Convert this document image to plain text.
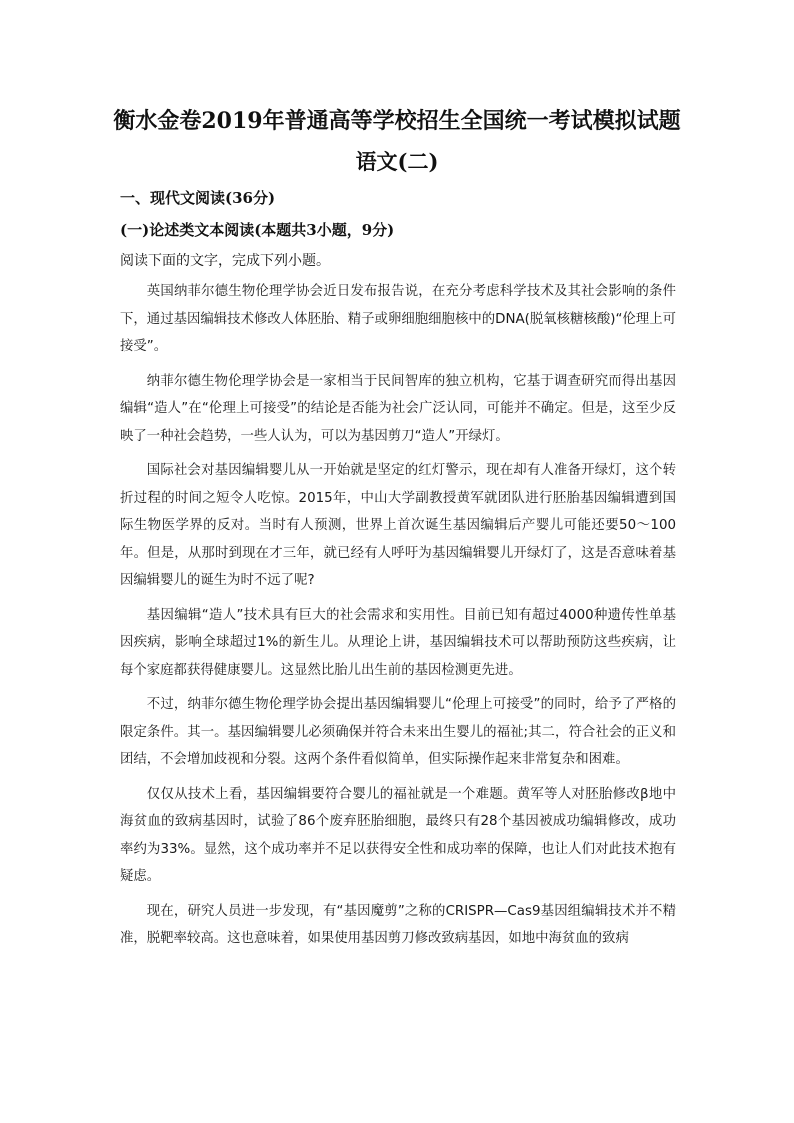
衡水金卷2019年普通高等学校招生全国统一考试模拟试题
语文(二)
一、现代文阅读(36分)
(一)论述类文本阅读(本题共3小题，9分)
阅读下面的文字，完成下列小题。

英国纳菲尔德生物伦理学协会近日发布报告说，在充分考虑科学技术及其社会影响的条件下，通过基因编辑技术修改人体胚胎、精子或卵细胞细胞核中的DNA(脱氧核糖核酸)“伦理上可接受”。

纳菲尔德生物伦理学协会是一家相当于民间智库的独立机构，它基于调查研究而得出基因编辑“造人”在“伦理上可接受”的结论是否能为社会广泛认同，可能并不确定。但是，这至少反映了一种社会趋势，一些人认为，可以为基因剪刀“造人”开绿灯。

国际社会对基因编辑婴儿从一开始就是坚定的红灯警示，现在却有人准备开绿灯，这个转折过程的时间之短令人吃惊。2015年，中山大学副教授黄军就团队进行胚胎基因编辑遭到国际生物医学界的反对。当时有人预测，世界上首次诞生基因编辑后产婴儿可能还要50～100年。但是，从那时到现在才三年，就已经有人呼吁为基因编辑婴儿开绿灯了，这是否意味着基因编辑婴儿的诞生为时不远了呢?

基因编辑“造人”技术具有巨大的社会需求和实用性。目前已知有超过4000种遗传性单基因疾病，影响全球超过1%的新生儿。从理论上讲，基因编辑技术可以帮助预防这些疾病，让每个家庭都获得健康婴儿。这显然比胎儿出生前的基因检测更先进。

不过，纳菲尔德生物伦理学协会提出基因编辑婴儿“伦理上可接受”的同时，给予了严格的限定条件。其一。基因编辑婴儿必须确保并符合未来出生婴儿的福祉;其二，符合社会的正义和团结，不会增加歧视和分裂。这两个条件看似简单，但实际操作起来非常复杂和困难。

仅仅从技术上看，基因编辑要符合婴儿的福祉就是一个难题。黄军等人对胚胎修改β地中海贫血的致病基因时，试验了86个废弃胚胎细胞，最终只有28个基因被成功编辑修改，成功率约为33%。显然，这个成功率并不足以获得安全性和成功率的保障，也让人们对此技术抱有疑虑。

现在，研究人员进一步发现，有“基因魔剪”之称的CRISPR—Cas9基因组编辑技术并不精准，脱靶率较高。这也意味着，如果使用基因剪刀修改致病基因，如地中海贫血的致病
